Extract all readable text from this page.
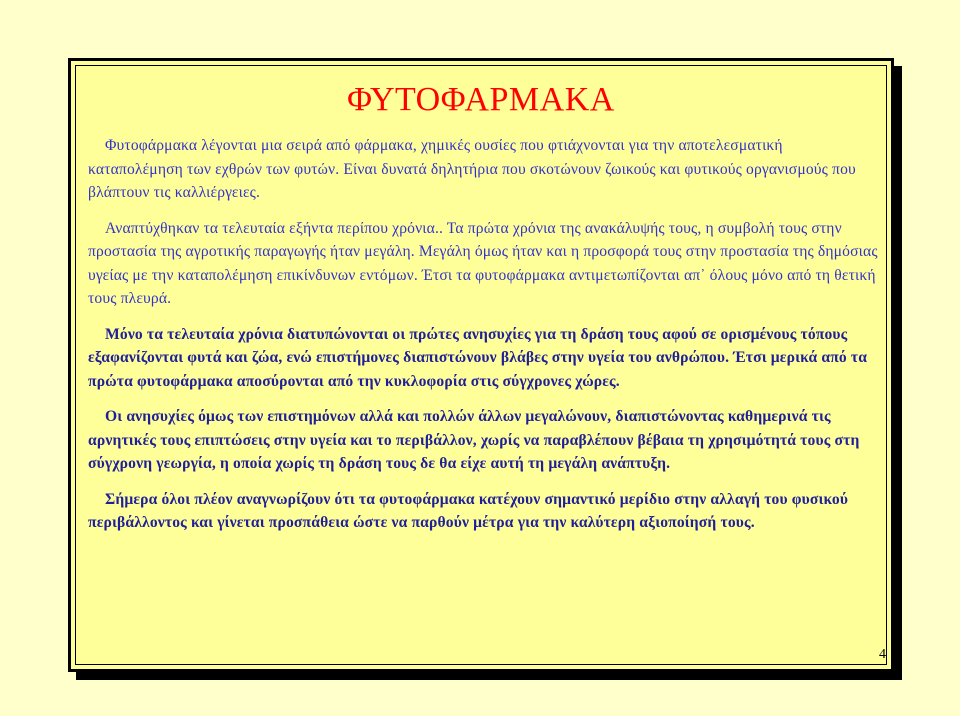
ΦΥΤΟΦΑΡΜΑΚΑ

Φυτοφάρμακα λέγονται μια σειρά από φάρμακα, χημικές ουσίες που φτιάχνονται για την αποτελεσματική καταπολέμηση των εχθρών των φυτών. Είναι δυνατά δηλητήρια που σκοτώνουν ζωικούς και φυτικούς οργανισμούς που βλάπτουν τις καλλιέργειες.

Αναπτύχθηκαν τα τελευταία εξήντα περίπου χρόνια.. Τα πρώτα χρόνια της ανακάλυψής τους, η συμβολή τους στην προστασία της αγροτικής παραγωγής ήταν μεγάλη. Μεγάλη όμως ήταν και η προσφορά τους στην προστασία της δημόσιας υγείας με την καταπολέμηση επικίνδυνων εντόμων. Έτσι τα φυτοφάρμακα αντιμετωπίζονται απ᾽ όλους μόνο από τη θετική τους πλευρά.

Μόνο τα τελευταία χρόνια διατυπώνονται οι πρώτες ανησυχίες για τη δράση τους αφού σε ορισμένους τόπους εξαφανίζονται φυτά και ζώα, ενώ επιστήμονες διαπιστώνουν βλάβες στην υγεία του ανθρώπου. Έτσι μερικά από τα πρώτα φυτοφάρμακα αποσύρονται από την κυκλοφορία στις σύγχρονες χώρες.

Οι ανησυχίες όμως των επιστημόνων αλλά και πολλών άλλων μεγαλώνουν, διαπιστώνοντας καθημερινά τις αρνητικές τους επιπτώσεις στην υγεία και το περιβάλλον, χωρίς να παραβλέπουν βέβαια τη χρησιμότητά τους στη σύγχρονη γεωργία, η οποία χωρίς τη δράση τους δε θα είχε αυτή τη μεγάλη ανάπτυξη.

Σήμερα όλοι πλέον αναγνωρίζουν ότι τα φυτοφάρμακα κατέχουν σημαντικό μερίδιο στην αλλαγή του φυσικού περιβάλλοντος και γίνεται προσπάθεια ώστε να παρθούν μέτρα για την καλύτερη αξιοποίησή τους.

4
